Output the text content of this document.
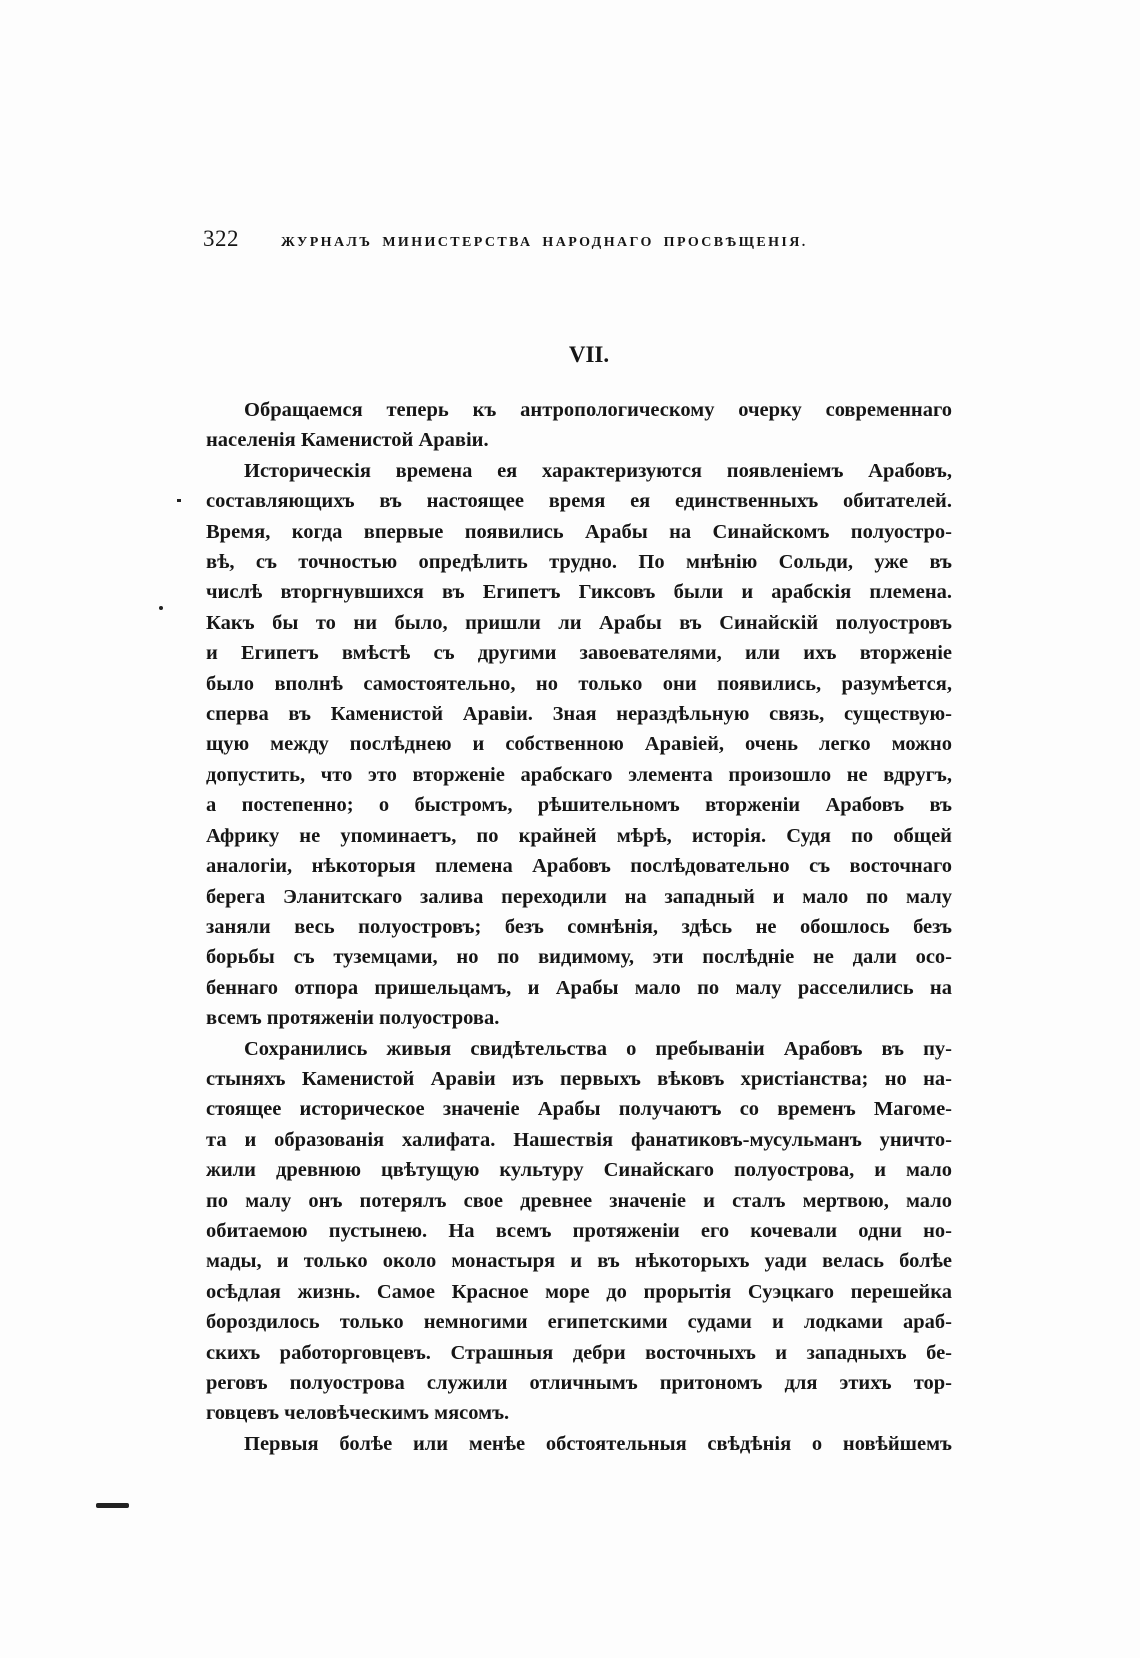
322	ЖУРНАЛЪ МИНИСТЕРСТВА НАРОДНАГО ПРОСВѢЩЕНІЯ.
VII.
Обращаемся теперь къ антропологическому очерку современнаго
населенія Каменистой Аравіи.
Историческія времена ея характеризуются появленіемъ Арабовъ,
составляющихъ въ настоящее время ея единственныхъ обитателей.
Время, когда впервые появились Арабы на Синайскомъ полуостро-
вѣ, съ точностью опредѣлить трудно. По мнѣнію Сольди, уже въ
числѣ вторгнувшихся въ Египетъ Гиксовъ были и арабскія племена.
Какъ бы то ни было, пришли ли Арабы въ Синайскій полуостровъ
и Египетъ вмѣстѣ съ другими завоевателями, или ихъ вторженіе
было вполнѣ самостоятельно, но только они появились, разумѣется,
сперва въ Каменистой Аравіи. Зная нераздѣльную связь, существую-
щую между послѣднею и собственною Аравіей, очень легко можно
допустить, что это вторженіе арабскаго элемента произошло не вдругъ,
а постепенно; о быстромъ, рѣшительномъ вторженіи Арабовъ въ
Африку не упоминаетъ, по крайней мѣрѣ, исторія. Судя по общей
аналогіи, нѣкоторыя племена Арабовъ послѣдовательно съ восточнаго
берега Эланитскаго залива переходили на западный и мало по малу
заняли весь полуостровъ; безъ сомнѣнія, здѣсь не обошлось безъ
борьбы съ туземцами, но по видимому, эти послѣдніе не дали осо-
беннаго отпора пришельцамъ, и Арабы мало по малу расселились на
всемъ протяженіи полуострова.
Сохранились живыя свидѣтельства о пребываніи Арабовъ въ пу-
стыняхъ Каменистой Аравіи изъ первыхъ вѣковъ христіанства; но на-
стоящее историческое значеніе Арабы получаютъ со временъ Магоме-
та и образованія халифата. Нашествія фанатиковъ-мусульманъ уничто-
жили древнюю цвѣтущую культуру Синайскаго полуострова, и мало
по малу онъ потерялъ свое древнее значеніе и сталъ мертвою, мало
обитаемою пустынею. На всемъ протяженіи его кочевали одни но-
мады, и только около монастыря и въ нѣкоторыхъ уади велась болѣе
осѣдлая жизнь. Самое Красное море до прорытія Суэцкаго перешейка
бороздилось только немногими египетскими судами и лодками араб-
скихъ работорговцевъ. Страшныя дебри восточныхъ и западныхъ бе-
реговъ полуострова служили отличнымъ притономъ для этихъ тор-
говцевъ человѣческимъ мясомъ.
Первыя болѣе или менѣе обстоятельныя свѣдѣнія о новѣйшемъ
